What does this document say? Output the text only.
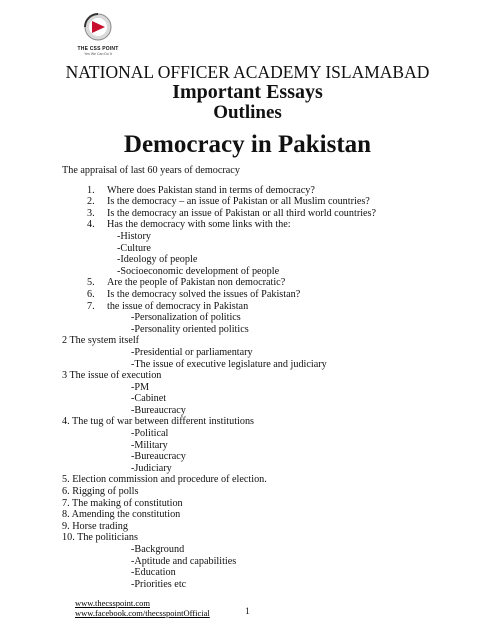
THE CSS POINT
Yes We Can Do It
NATIONAL OFFICER ACADEMY ISLAMABAD
Important Essays
Outlines
Democracy in Pakistan
The appraisal of last 60 years of democracy
1. Where does Pakistan stand in terms of democracy?
2. Is the democracy – an issue of Pakistan or all Muslim countries?
3. Is the democracy an issue of Pakistan or all third world countries?
4. Has the democracy with some links with the:
-History
-Culture
-Ideology of people
-Socioeconomic development of people
5. Are the people of Pakistan non democratic?
6. Is the democracy solved the issues of Pakistan?
7. the issue of democracy in Pakistan
-Personalization of politics
-Personality oriented politics
2 The system itself
-Presidential or parliamentary
-The issue of executive legislature and judiciary
3 The issue of execution
-PM
-Cabinet
-Bureaucracy
4. The tug of war between different institutions
-Political
-Military
-Bureaucracy
-Judiciary
5. Election commission and procedure of election.
6. Rigging of polls
7. The making of constitution
8. Amending the constitution
9. Horse trading
10. The politicians
-Background
-Aptitude and capabilities
-Education
-Priorities etc
www.thecsspoint.com
www.facebook.com/thecsspointOfficial	1
